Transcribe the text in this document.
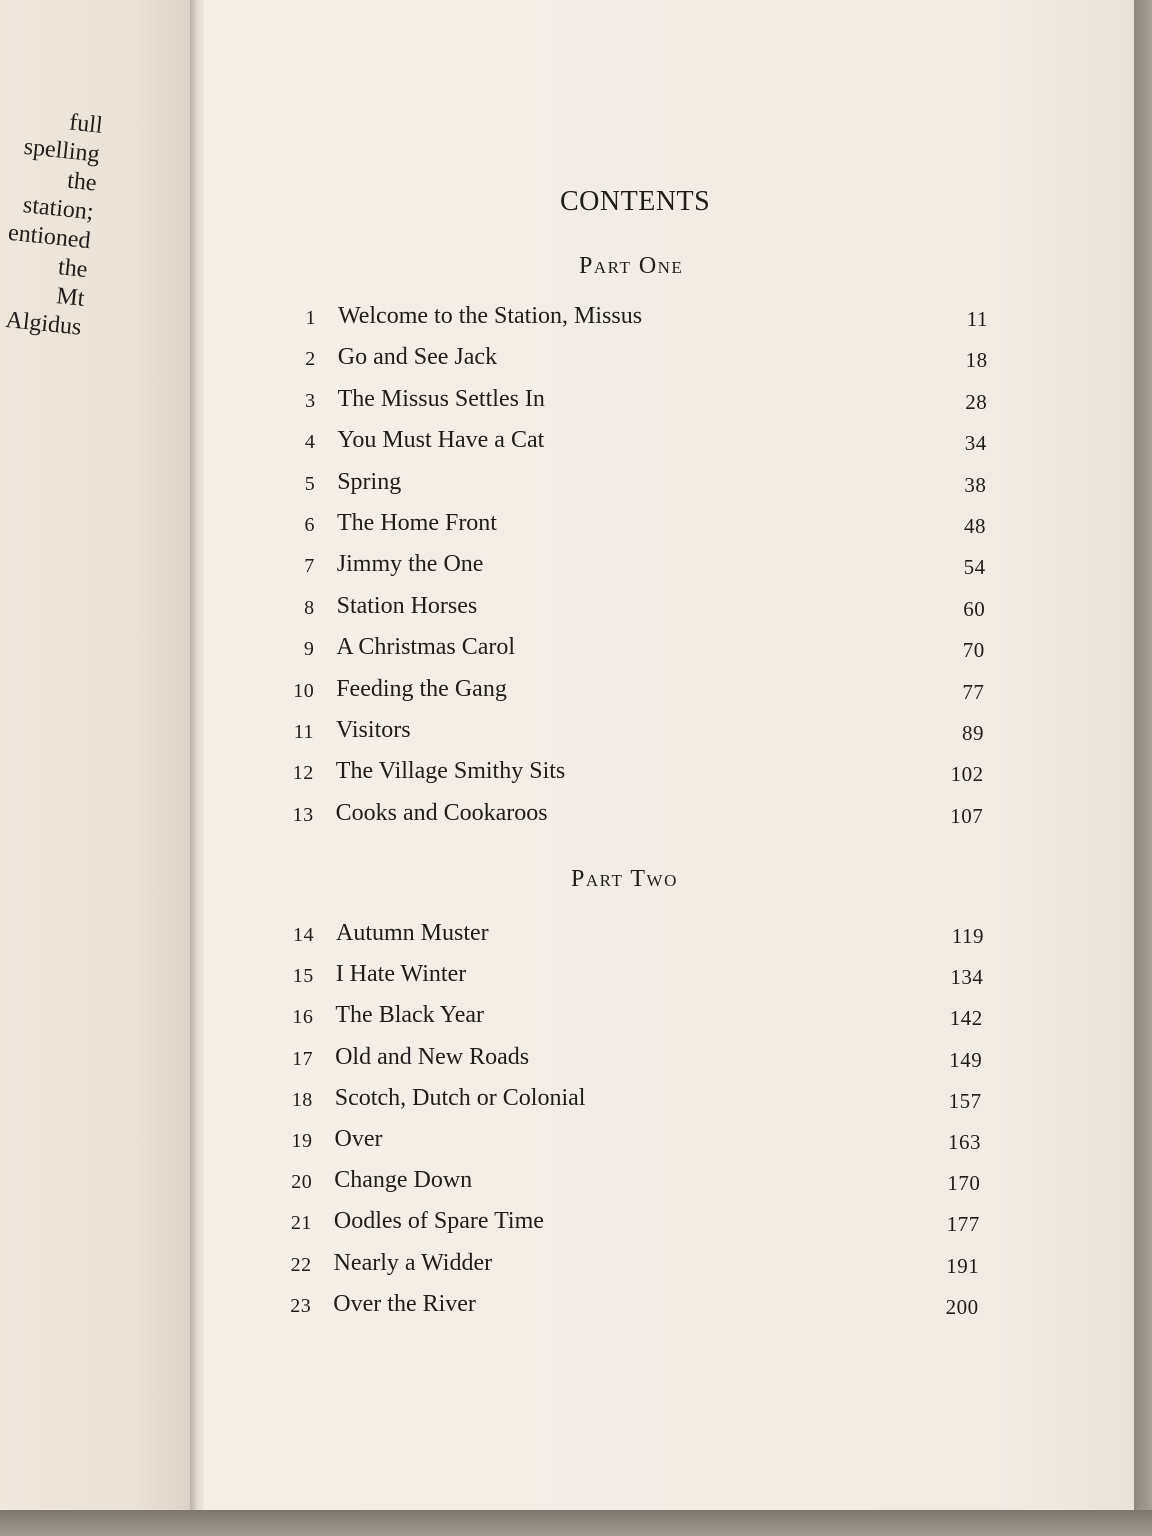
full spelling
the station;
entioned the
Mt Algidus
CONTENTS
Part One
Part Two
1 Welcome to the Station, Missus	11
2 Go and See Jack	18
3 The Missus Settles In	28
4 You Must Have a Cat	34
5 Spring	38
6 The Home Front	48
7 Jimmy the One	54
8 Station Horses	60
9 A Christmas Carol	70
10 Feeding the Gang	77
11 Visitors	89
12 The Village Smithy Sits	102
13 Cooks and Cookaroos	107
14 Autumn Muster	119
15 I Hate Winter	134
16 The Black Year	142
17 Old and New Roads	149
18 Scotch, Dutch or Colonial	157
19 Over	163
20 Change Down	170
21 Oodles of Spare Time	177
22 Nearly a Widder	191
23 Over the River	200
